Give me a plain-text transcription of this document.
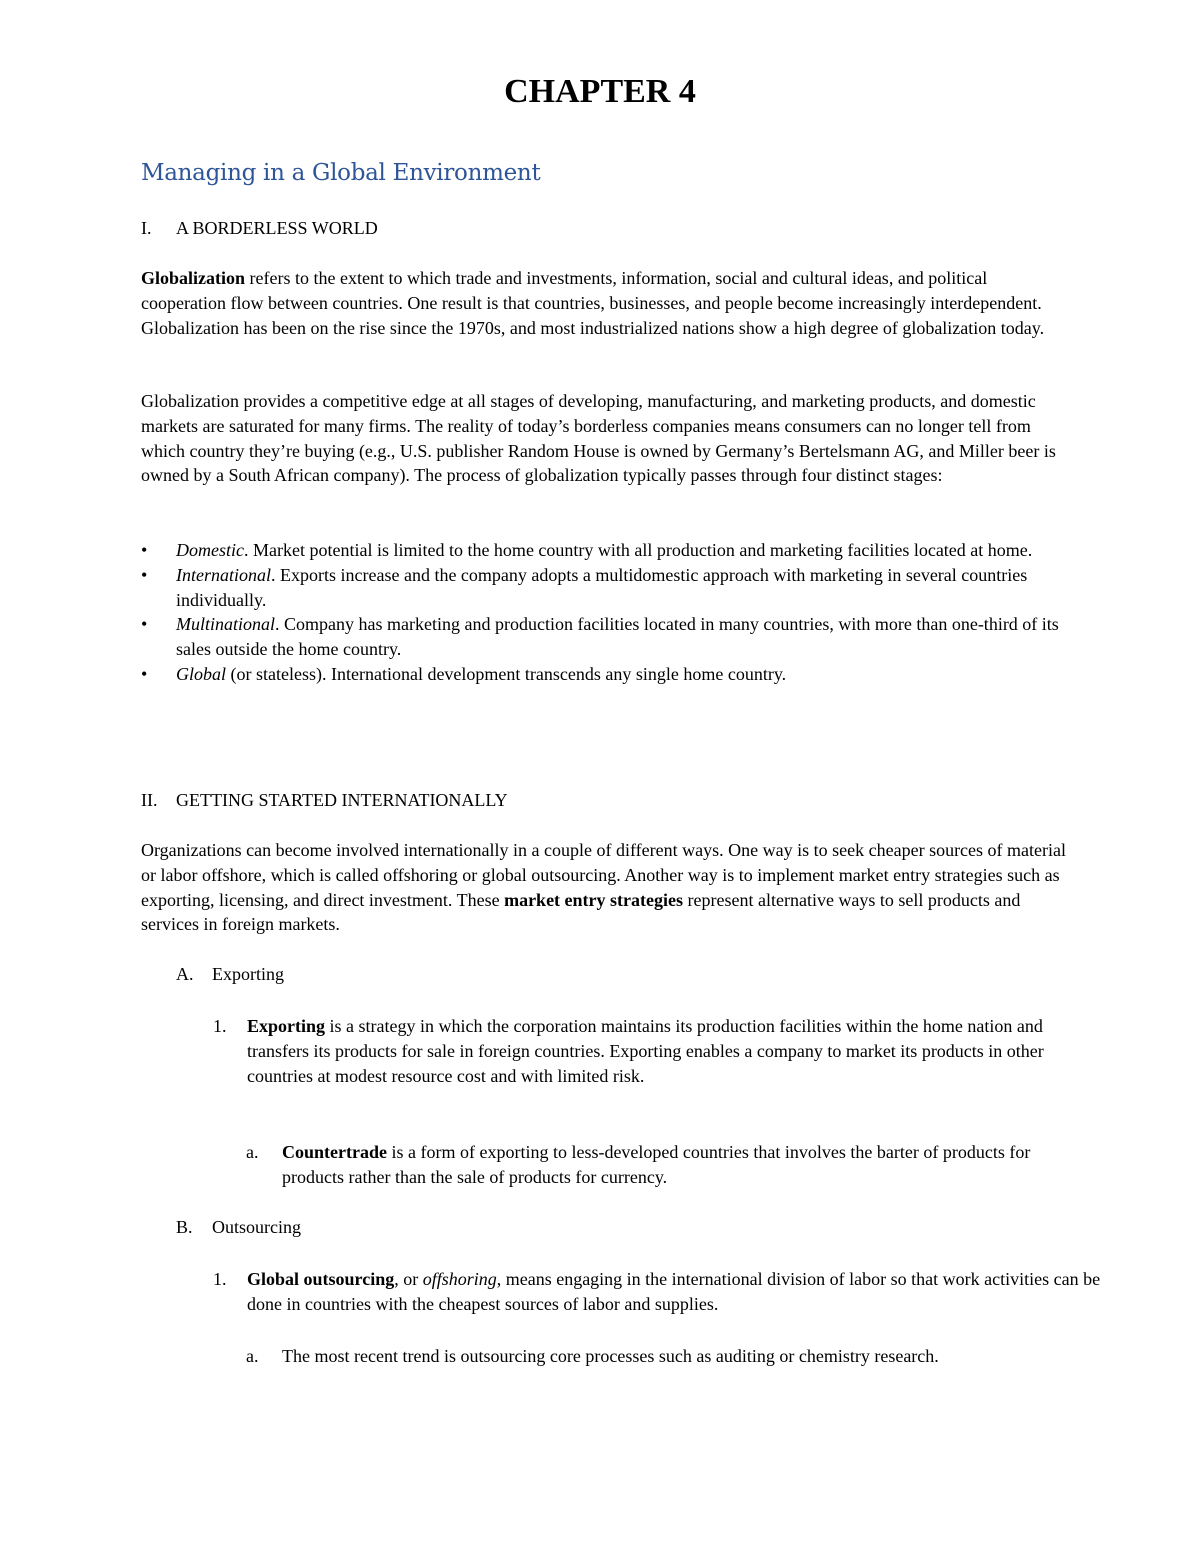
CHAPTER 4
Managing in a Global Environment
I. A BORDERLESS WORLD

Globalization refers to the extent to which trade and investments, information, social and cultural ideas, and political cooperation flow between countries. One result is that countries, businesses, and people become increasingly interdependent. Globalization has been on the rise since the 1970s, and most industrialized nations show a high degree of globalization today.

Globalization provides a competitive edge at all stages of developing, manufacturing, and marketing products, and domestic markets are saturated for many firms. The reality of today’s borderless companies means consumers can no longer tell from which country they’re buying (e.g., U.S. publisher Random House is owned by Germany’s Bertelsmann AG, and Miller beer is owned by a South African company). The process of globalization typically passes through four distinct stages:

•	Domestic. Market potential is limited to the home country with all production and marketing facilities located at home.
•	International. Exports increase and the company adopts a multidomestic approach with marketing in several countries individually.
•	Multinational. Company has marketing and production facilities located in many countries, with more than one-third of its sales outside the home country.
•	Global (or stateless). International development transcends any single home country.
II. GETTING STARTED INTERNATIONALLY

Organizations can become involved internationally in a couple of different ways. One way is to seek cheaper sources of material or labor offshore, which is called offshoring or global outsourcing. Another way is to implement market entry strategies such as exporting, licensing, and direct investment. These market entry strategies represent alternative ways to sell products and services in foreign markets.

A. Exporting

1. Exporting is a strategy in which the corporation maintains its production facilities within the home nation and transfers its products for sale in foreign countries. Exporting enables a company to market its products in other countries at modest resource cost and with limited risk.

a. Countertrade is a form of exporting to less-developed countries that involves the barter of products for products rather than the sale of products for currency.

B. Outsourcing

1. Global outsourcing, or offshoring, means engaging in the international division of labor so that work activities can be done in countries with the cheapest sources of labor and supplies.

a. The most recent trend is outsourcing core processes such as auditing or chemistry research.
